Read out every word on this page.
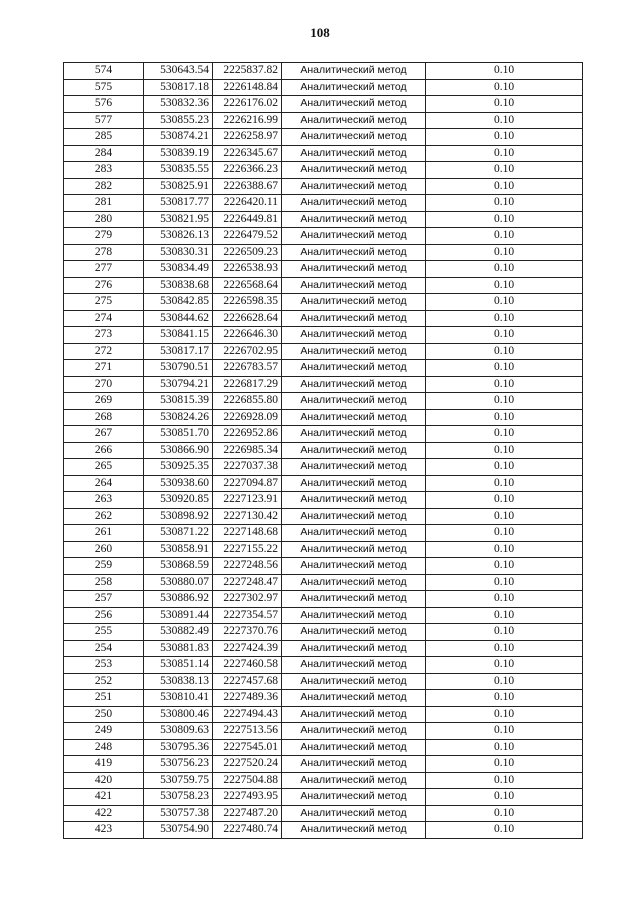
108
574	530643.54	2225837.82	Аналитический метод	0.10
575	530817.18	2226148.84	Аналитический метод	0.10
576	530832.36	2226176.02	Аналитический метод	0.10
577	530855.23	2226216.99	Аналитический метод	0.10
285	530874.21	2226258.97	Аналитический метод	0.10
284	530839.19	2226345.67	Аналитический метод	0.10
283	530835.55	2226366.23	Аналитический метод	0.10
282	530825.91	2226388.67	Аналитический метод	0.10
281	530817.77	2226420.11	Аналитический метод	0.10
280	530821.95	2226449.81	Аналитический метод	0.10
279	530826.13	2226479.52	Аналитический метод	0.10
278	530830.31	2226509.23	Аналитический метод	0.10
277	530834.49	2226538.93	Аналитический метод	0.10
276	530838.68	2226568.64	Аналитический метод	0.10
275	530842.85	2226598.35	Аналитический метод	0.10
274	530844.62	2226628.64	Аналитический метод	0.10
273	530841.15	2226646.30	Аналитический метод	0.10
272	530817.17	2226702.95	Аналитический метод	0.10
271	530790.51	2226783.57	Аналитический метод	0.10
270	530794.21	2226817.29	Аналитический метод	0.10
269	530815.39	2226855.80	Аналитический метод	0.10
268	530824.26	2226928.09	Аналитический метод	0.10
267	530851.70	2226952.86	Аналитический метод	0.10
266	530866.90	2226985.34	Аналитический метод	0.10
265	530925.35	2227037.38	Аналитический метод	0.10
264	530938.60	2227094.87	Аналитический метод	0.10
263	530920.85	2227123.91	Аналитический метод	0.10
262	530898.92	2227130.42	Аналитический метод	0.10
261	530871.22	2227148.68	Аналитический метод	0.10
260	530858.91	2227155.22	Аналитический метод	0.10
259	530868.59	2227248.56	Аналитический метод	0.10
258	530880.07	2227248.47	Аналитический метод	0.10
257	530886.92	2227302.97	Аналитический метод	0.10
256	530891.44	2227354.57	Аналитический метод	0.10
255	530882.49	2227370.76	Аналитический метод	0.10
254	530881.83	2227424.39	Аналитический метод	0.10
253	530851.14	2227460.58	Аналитический метод	0.10
252	530838.13	2227457.68	Аналитический метод	0.10
251	530810.41	2227489.36	Аналитический метод	0.10
250	530800.46	2227494.43	Аналитический метод	0.10
249	530809.63	2227513.56	Аналитический метод	0.10
248	530795.36	2227545.01	Аналитический метод	0.10
419	530756.23	2227520.24	Аналитический метод	0.10
420	530759.75	2227504.88	Аналитический метод	0.10
421	530758.23	2227493.95	Аналитический метод	0.10
422	530757.38	2227487.20	Аналитический метод	0.10
423	530754.90	2227480.74	Аналитический метод	0.10
